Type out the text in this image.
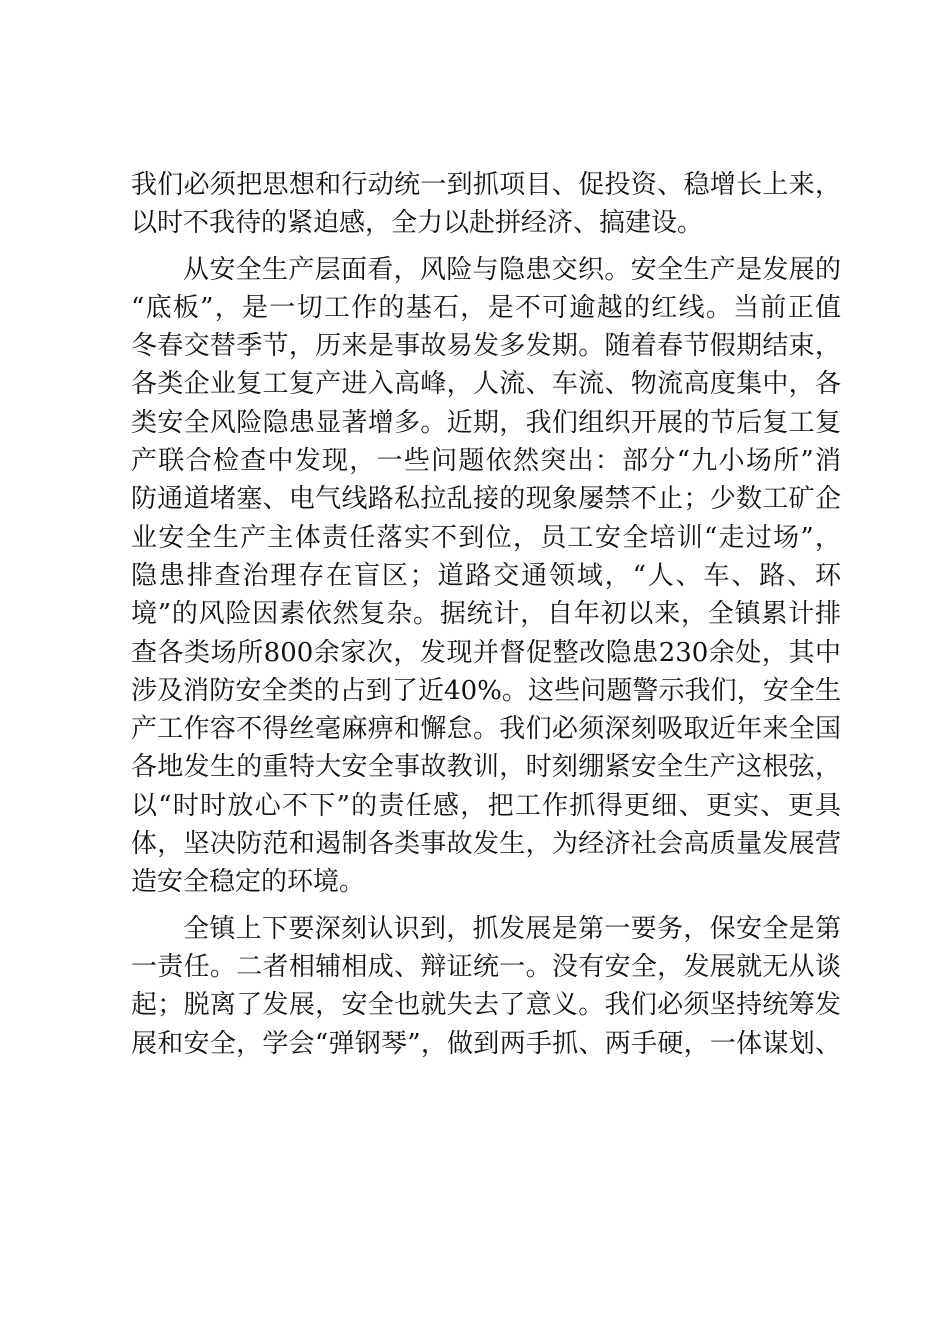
我们必须把思想和行动统一到抓项目、促投资、稳增长上来，
以时不我待的紧迫感，全力以赴拼经济、搞建设。
从安全生产层面看，风险与隐患交织。安全生产是发展的
“底板”，是一切工作的基石，是不可逾越的红线。当前正值
冬春交替季节，历来是事故易发多发期。随着春节假期结束，
各类企业复工复产进入高峰，人流、车流、物流高度集中，各
类安全风险隐患显著增多。近期，我们组织开展的节后复工复
产联合检查中发现，一些问题依然突出：部分“九小场所”消
防通道堵塞、电气线路私拉乱接的现象屡禁不止；少数工矿企
业安全生产主体责任落实不到位，员工安全培训“走过场”，
隐患排查治理存在盲区；道路交通领域，“人、车、路、环
境”的风险因素依然复杂。据统计，自年初以来，全镇累计排
查各类场所800余家次，发现并督促整改隐患230余处，其中
涉及消防安全类的占到了近40%。这些问题警示我们，安全生
产工作容不得丝毫麻痹和懈怠。我们必须深刻吸取近年来全国
各地发生的重特大安全事故教训，时刻绷紧安全生产这根弦，
以“时时放心不下”的责任感，把工作抓得更细、更实、更具
体，坚决防范和遏制各类事故发生，为经济社会高质量发展营
造安全稳定的环境。
全镇上下要深刻认识到，抓发展是第一要务，保安全是第
一责任。二者相辅相成、辩证统一。没有安全，发展就无从谈
起；脱离了发展，安全也就失去了意义。我们必须坚持统筹发
展和安全，学会“弹钢琴”，做到两手抓、两手硬，一体谋划、
